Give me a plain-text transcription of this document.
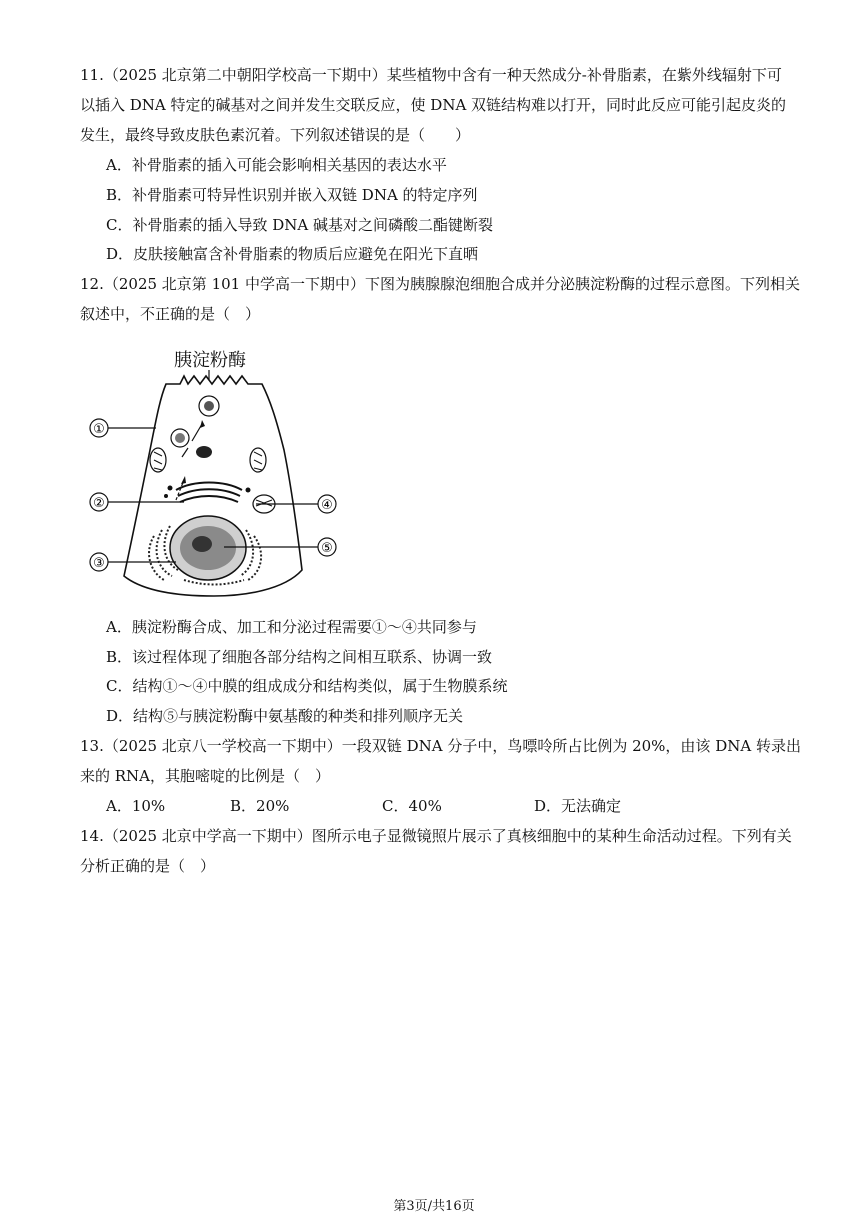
11.（2025 北京第二中朝阳学校高一下期中）某些植物中含有一种天然成分-补骨脂素，在紫外线辐射下可
以插入 DNA 特定的碱基对之间并发生交联反应，使 DNA 双链结构难以打开，同时此反应可能引起皮炎的
发生，最终导致皮肤色素沉着。下列叙述错误的是（　　）
A．补骨脂素的插入可能会影响相关基因的表达水平
B．补骨脂素可特异性识别并嵌入双链 DNA 的特定序列
C．补骨脂素的插入导致 DNA 碱基对之间磷酸二酯键断裂
D．皮肤接触富含补骨脂素的物质后应避免在阳光下直晒
12.（2025 北京第 101 中学高一下期中）下图为胰腺腺泡细胞合成并分泌胰淀粉酶的过程示意图。下列相关
叙述中，不正确的是（　）
胰淀粉酶
①
②
③
④
⑤
A．胰淀粉酶合成、加工和分泌过程需要①～④共同参与
B．该过程体现了细胞各部分结构之间相互联系、协调一致
C．结构①～④中膜的组成成分和结构类似，属于生物膜系统
D．结构⑤与胰淀粉酶中氨基酸的种类和排列顺序无关
13.（2025 北京八一学校高一下期中）一段双链 DNA 分子中，鸟嘌呤所占比例为 20%，由该 DNA 转录出
来的 RNA，其胞嘧啶的比例是（　）
A．10%	B．20%	C．40%	D．无法确定
14.（2025 北京中学高一下期中）图所示电子显微镜照片展示了真核细胞中的某种生命活动过程。下列有关
分析正确的是（　）
第3页/共16页
